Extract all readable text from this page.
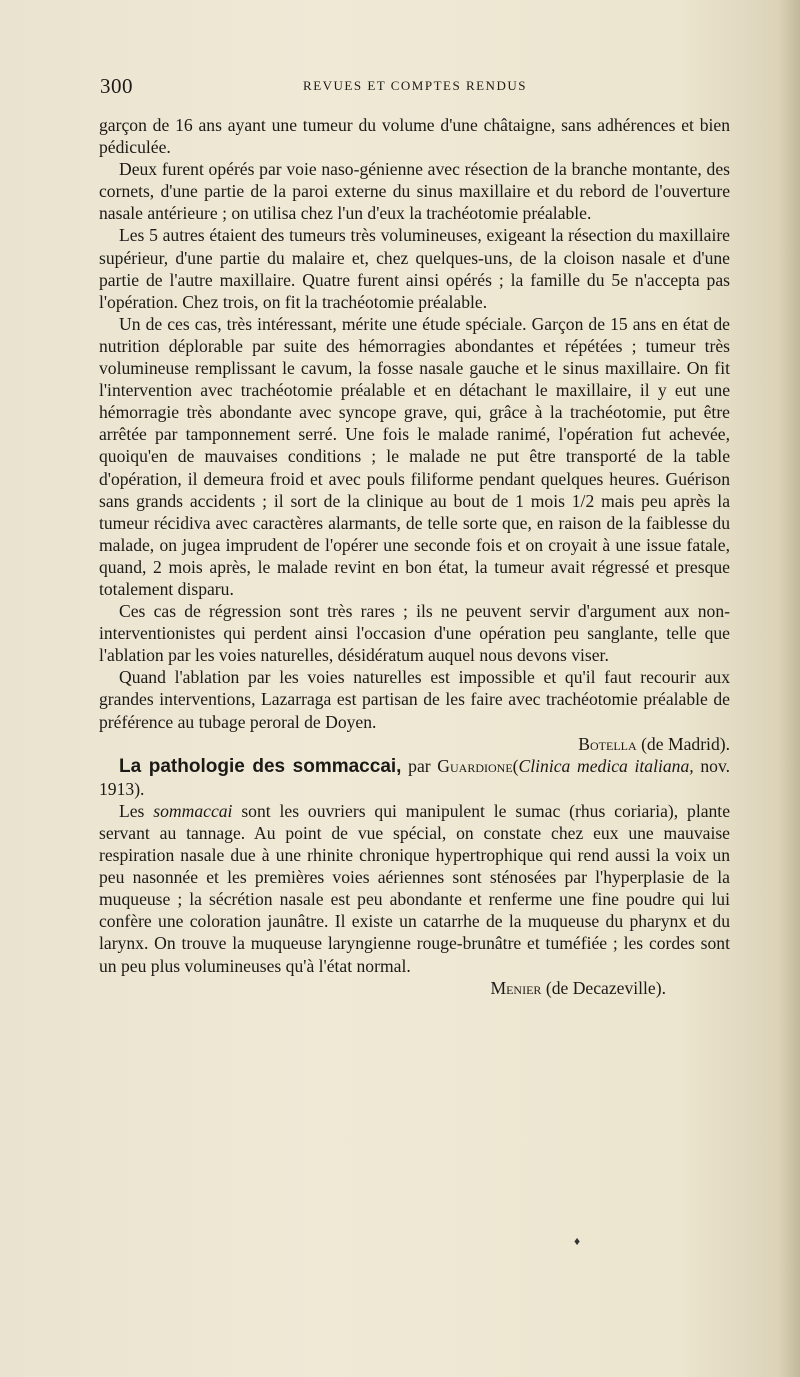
300	REVUES ET COMPTES RENDUS

garçon de 16 ans ayant une tumeur du volume d'une châtaigne, sans adhérences et bien pédiculée.

Deux furent opérés par voie naso-génienne avec résection de la branche montante, des cornets, d'une partie de la paroi externe du sinus maxillaire et du rebord de l'ouverture nasale antérieure ; on utilisa chez l'un d'eux la trachéotomie préalable.

Les 5 autres étaient des tumeurs très volumineuses, exigeant la résection du maxillaire supérieur, d'une partie du malaire et, chez quelques-uns, de la cloison nasale et d'une partie de l'autre maxillaire. Quatre furent ainsi opérés ; la famille du 5e n'accepta pas l'opération. Chez trois, on fit la trachéotomie préalable.

Un de ces cas, très intéressant, mérite une étude spéciale. Garçon de 15 ans en état de nutrition déplorable par suite des hémorragies abondantes et répétées ; tumeur très volumineuse remplissant le cavum, la fosse nasale gauche et le sinus maxillaire. On fit l'intervention avec trachéotomie préalable et en détachant le maxillaire, il y eut une hémorragie très abondante avec syncope grave, qui, grâce à la trachéotomie, put être arrêtée par tamponnement serré. Une fois le malade ranimé, l'opération fut achevée, quoiqu'en de mauvaises conditions ; le malade ne put être transporté de la table d'opération, il demeura froid et avec pouls filiforme pendant quelques heures. Guérison sans grands accidents ; il sort de la clinique au bout de 1 mois 1/2 mais peu après la tumeur récidiva avec caractères alarmants, de telle sorte que, en raison de la faiblesse du malade, on jugea imprudent de l'opérer une seconde fois et on croyait à une issue fatale, quand, 2 mois après, le malade revint en bon état, la tumeur avait régressé et presque totalement disparu.

Ces cas de régression sont très rares ; ils ne peuvent servir d'argument aux non-interventionistes qui perdent ainsi l'occasion d'une opération peu sanglante, telle que l'ablation par les voies naturelles, désidératum auquel nous devons viser.

Quand l'ablation par les voies naturelles est impossible et qu'il faut recourir aux grandes interventions, Lazarraga est partisan de les faire avec trachéotomie préalable de préférence au tubage peroral de Doyen.

Botella (de Madrid).

La pathologie des sommaccai, par Guardione(Clinica medica italiana, nov. 1913).

Les sommaccai sont les ouvriers qui manipulent le sumac (rhus coriaria), plante servant au tannage. Au point de vue spécial, on constate chez eux une mauvaise respiration nasale due à une rhinite chronique hypertrophique qui rend aussi la voix un peu nasonnée et les premières voies aériennes sont sténosées par l'hyperplasie de la muqueuse ; la sécrétion nasale est peu abondante et renferme une fine poudre qui lui confère une coloration jaunâtre. Il existe un catarrhe de la muqueuse du pharynx et du larynx. On trouve la muqueuse laryngienne rouge-brunâtre et tuméfiée ; les cordes sont un peu plus volumineuses qu'à l'état normal.

Menier (de Decazeville).

♦
